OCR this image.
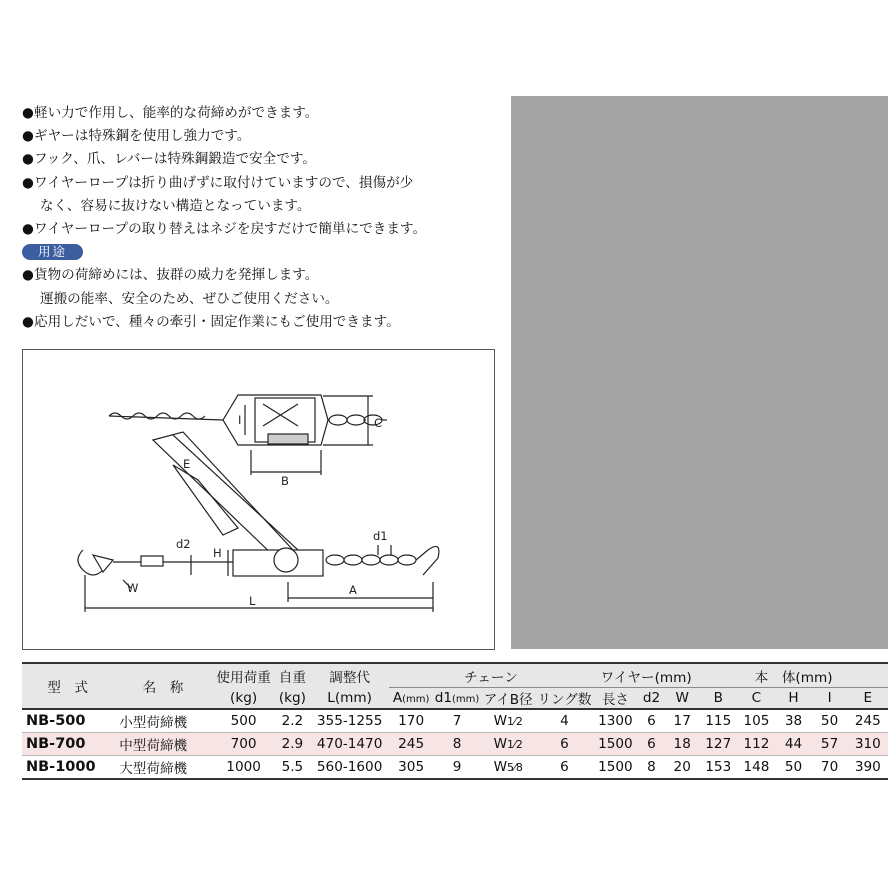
●軽い力で作用し、能率的な荷締めができます。
●ギヤーは特殊鋼を使用し強力です。
●フック、爪、レバーは特殊鋼鍛造で安全です。
●ワイヤーロープは折り曲げずに取付けていますので、損傷が少
なく、容易に抜けない構造となっています。
●ワイヤーロープの取り替えはネジを戻すだけで簡単にできます。
用途
●貨物の荷締めには、抜群の威力を発揮します。
運搬の能率、安全のため、ぜひご使用ください。
●応用しだいで、種々の牽引・固定作業にもご使用できます。
E
B
C
I
d1
d2
H
W
L
A
型　式	名　称	使用荷重	自重	調整代	チェーン				ワイヤー(mm)			本　体(mm)				
		(kg)	(kg)	L(mm)	A(mm)	d1(mm)	アイB径	リング数	長さ	d2	W	B	C	H	I	E
NB-500	小型荷締機	500	2.2	355-1255	170	7	W1⁄2	4	1300	6	17	115	105	38	50	245
NB-700	中型荷締機	700	2.9	470-1470	245	8	W1⁄2	6	1500	6	18	127	112	44	57	310
NB-1000	大型荷締機	1000	5.5	560-1600	305	9	W5⁄8	6	1500	8	20	153	148	50	70	390
